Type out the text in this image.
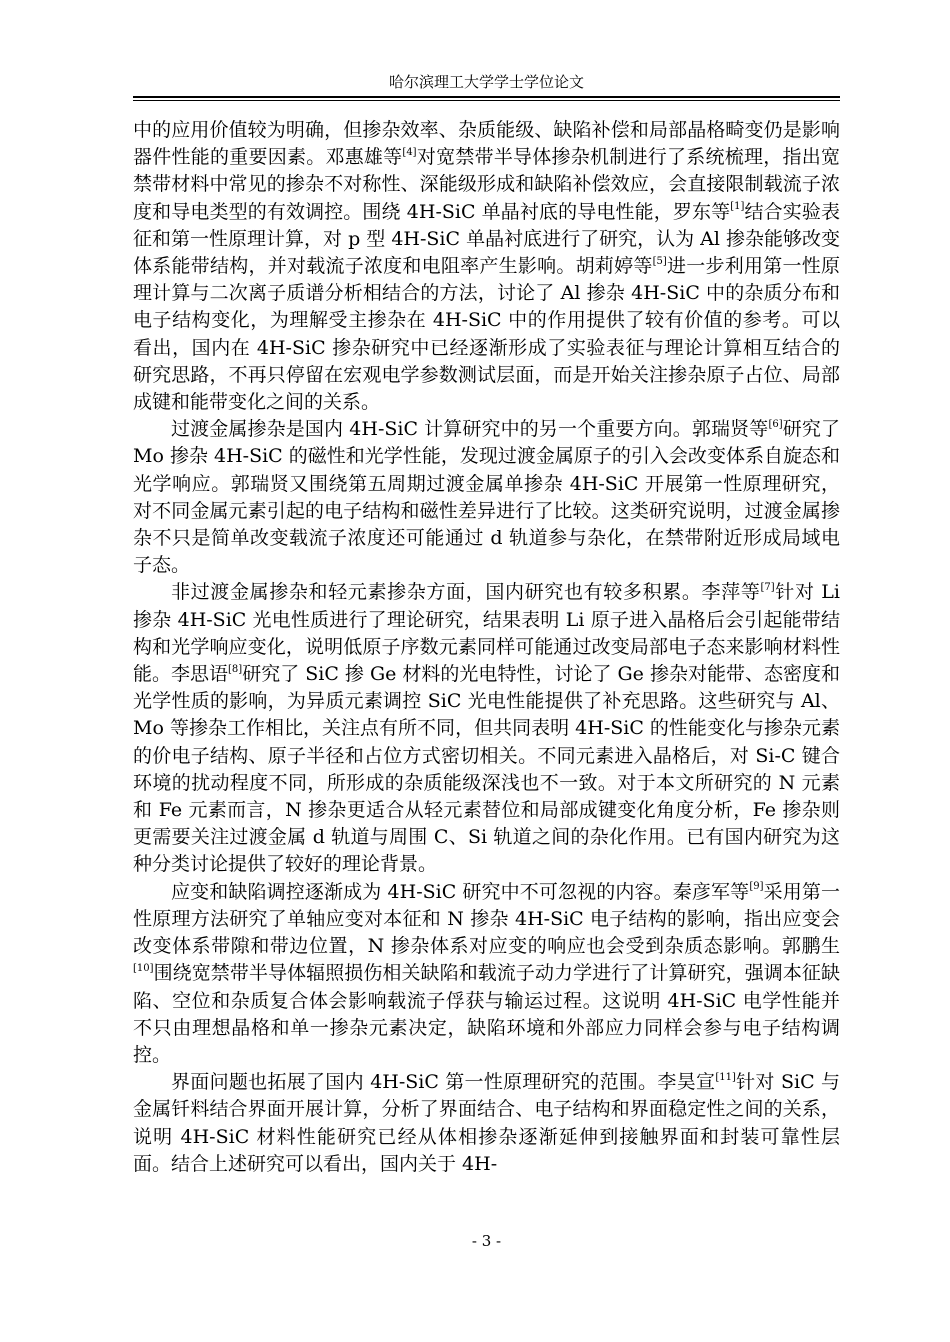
哈尔滨理工大学学士学位论文

中的应用价值较为明确，但掺杂效率、杂质能级、缺陷补偿和局部晶格畸变仍是影响器件性能的重要因素。邓惠雄等[4]对宽禁带半导体掺杂机制进行了系统梳理，指出宽禁带材料中常见的掺杂不对称性、深能级形成和缺陷补偿效应，会直接限制载流子浓度和导电类型的有效调控。围绕 4H-SiC 单晶衬底的导电性能，罗东等[1]结合实验表征和第一性原理计算，对 p 型 4H-SiC 单晶衬底进行了研究，认为 Al 掺杂能够改变体系能带结构，并对载流子浓度和电阻率产生影响。胡莉婷等[5]进一步利用第一性原理计算与二次离子质谱分析相结合的方法，讨论了 Al 掺杂 4H-SiC 中的杂质分布和电子结构变化，为理解受主掺杂在 4H-SiC 中的作用提供了较有价值的参考。可以看出，国内在 4H-SiC 掺杂研究中已经逐渐形成了实验表征与理论计算相互结合的研究思路，不再只停留在宏观电学参数测试层面，而是开始关注掺杂原子占位、局部成键和能带变化之间的关系。

过渡金属掺杂是国内 4H-SiC 计算研究中的另一个重要方向。郭瑞贤等[6]研究了 Mo 掺杂 4H-SiC 的磁性和光学性能，发现过渡金属原子的引入会改变体系自旋态和光学响应。郭瑞贤又围绕第五周期过渡金属单掺杂 4H-SiC 开展第一性原理研究，对不同金属元素引起的电子结构和磁性差异进行了比较。这类研究说明，过渡金属掺杂不只是简单改变载流子浓度还可能通过 d 轨道参与杂化，在禁带附近形成局域电子态。

非过渡金属掺杂和轻元素掺杂方面，国内研究也有较多积累。李萍等[7]针对 Li 掺杂 4H-SiC 光电性质进行了理论研究，结果表明 Li 原子进入晶格后会引起能带结构和光学响应变化，说明低原子序数元素同样可能通过改变局部电子态来影响材料性能。李思语[8]研究了 SiC 掺 Ge 材料的光电特性，讨论了 Ge 掺杂对能带、态密度和光学性质的影响，为异质元素调控 SiC 光电性能提供了补充思路。这些研究与 Al、Mo 等掺杂工作相比，关注点有所不同，但共同表明 4H-SiC 的性能变化与掺杂元素的价电子结构、原子半径和占位方式密切相关。不同元素进入晶格后，对 Si-C 键合环境的扰动程度不同，所形成的杂质能级深浅也不一致。对于本文所研究的 N 元素和 Fe 元素而言，N 掺杂更适合从轻元素替位和局部成键变化角度分析，Fe 掺杂则更需要关注过渡金属 d 轨道与周围 C、Si 轨道之间的杂化作用。已有国内研究为这种分类讨论提供了较好的理论背景。

应变和缺陷调控逐渐成为 4H-SiC 研究中不可忽视的内容。秦彦军等[9]采用第一性原理方法研究了单轴应变对本征和 N 掺杂 4H-SiC 电子结构的影响，指出应变会改变体系带隙和带边位置，N 掺杂体系对应变的响应也会受到杂质态影响。郭鹏生[10]围绕宽禁带半导体辐照损伤相关缺陷和载流子动力学进行了计算研究，强调本征缺陷、空位和杂质复合体会影响载流子俘获与输运过程。这说明 4H-SiC 电学性能并不只由理想晶格和单一掺杂元素决定，缺陷环境和外部应力同样会参与电子结构调控。

界面问题也拓展了国内 4H-SiC 第一性原理研究的范围。李昊宣[11]针对 SiC 与金属钎料结合界面开展计算，分析了界面结合、电子结构和界面稳定性之间的关系，说明 4H-SiC 材料性能研究已经从体相掺杂逐渐延伸到接触界面和封装可靠性层面。结合上述研究可以看出，国内关于 4H-

- 3 -
